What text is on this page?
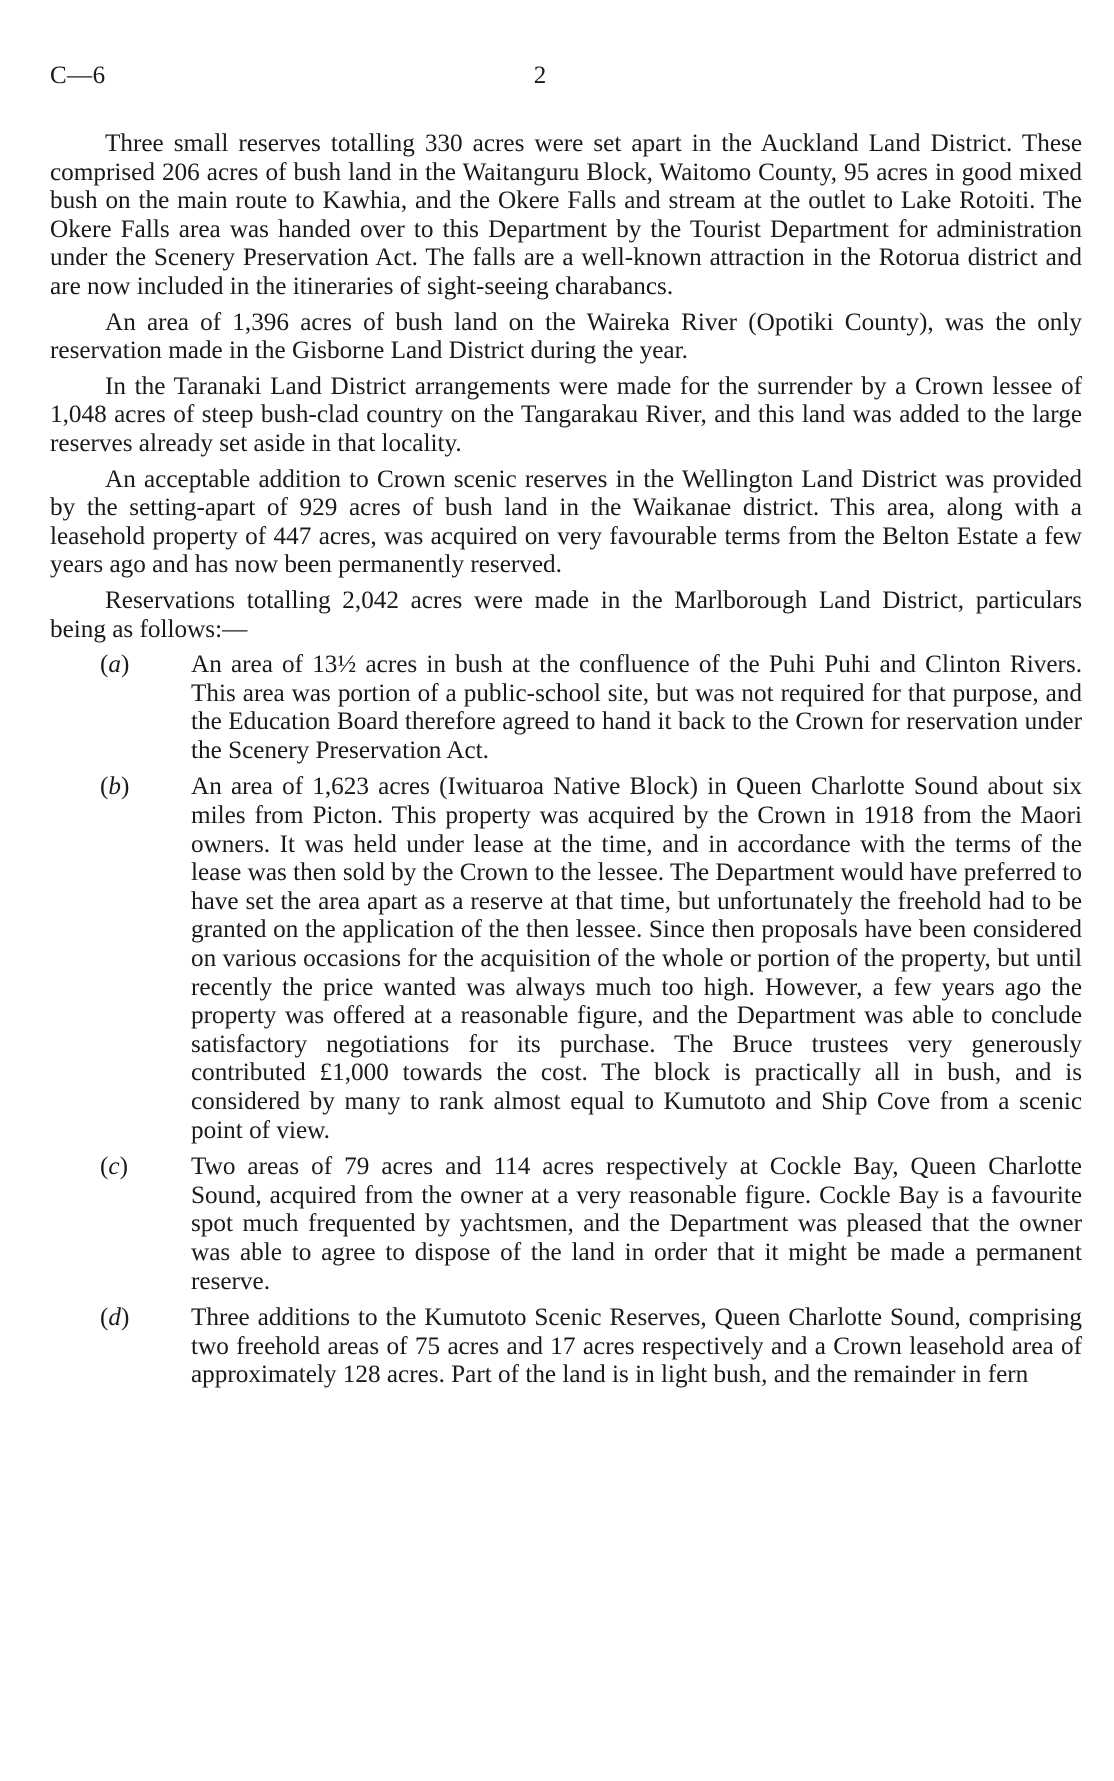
C—6	2

Three small reserves totalling 330 acres were set apart in the Auckland Land District. These comprised 206 acres of bush land in the Waitanguru Block, Waitomo County, 95 acres in good mixed bush on the main route to Kawhia, and the Okere Falls and stream at the outlet to Lake Rotoiti. The Okere Falls area was handed over to this Department by the Tourist Department for administration under the Scenery Preservation Act. The falls are a well-known attraction in the Rotorua district and are now included in the itineraries of sight-seeing charabancs.

An area of 1,396 acres of bush land on the Waireka River (Opotiki County), was the only reservation made in the Gisborne Land District during the year.

In the Taranaki Land District arrangements were made for the surrender by a Crown lessee of 1,048 acres of steep bush-clad country on the Tangarakau River, and this land was added to the large reserves already set aside in that locality.

An acceptable addition to Crown scenic reserves in the Wellington Land District was provided by the setting-apart of 929 acres of bush land in the Waikanae district. This area, along with a leasehold property of 447 acres, was acquired on very favourable terms from the Belton Estate a few years ago and has now been permanently reserved.

Reservations totalling 2,042 acres were made in the Marlborough Land District, particulars being as follows:—

(a)	An area of 13½ acres in bush at the confluence of the Puhi Puhi and Clinton Rivers. This area was portion of a public-school site, but was not required for that purpose, and the Education Board therefore agreed to hand it back to the Crown for reservation under the Scenery Preservation Act.
(b)	An area of 1,623 acres (Iwituaroa Native Block) in Queen Charlotte Sound about six miles from Picton. This property was acquired by the Crown in 1918 from the Maori owners. It was held under lease at the time, and in accordance with the terms of the lease was then sold by the Crown to the lessee. The Department would have preferred to have set the area apart as a reserve at that time, but unfortunately the freehold had to be granted on the application of the then lessee. Since then proposals have been considered on various occasions for the acquisition of the whole or portion of the property, but until recently the price wanted was always much too high. However, a few years ago the property was offered at a reasonable figure, and the Department was able to conclude satisfactory negotiations for its purchase. The Bruce trustees very generously contributed £1,000 towards the cost. The block is practically all in bush, and is considered by many to rank almost equal to Kumutoto and Ship Cove from a scenic point of view.
(c)	Two areas of 79 acres and 114 acres respectively at Cockle Bay, Queen Charlotte Sound, acquired from the owner at a very reasonable figure. Cockle Bay is a favourite spot much frequented by yachtsmen, and the Department was pleased that the owner was able to agree to dispose of the land in order that it might be made a permanent reserve.
(d)	Three additions to the Kumutoto Scenic Reserves, Queen Charlotte Sound, comprising two freehold areas of 75 acres and 17 acres respectively and a Crown leasehold area of approximately 128 acres. Part of the land is in light bush, and the remainder in fern
